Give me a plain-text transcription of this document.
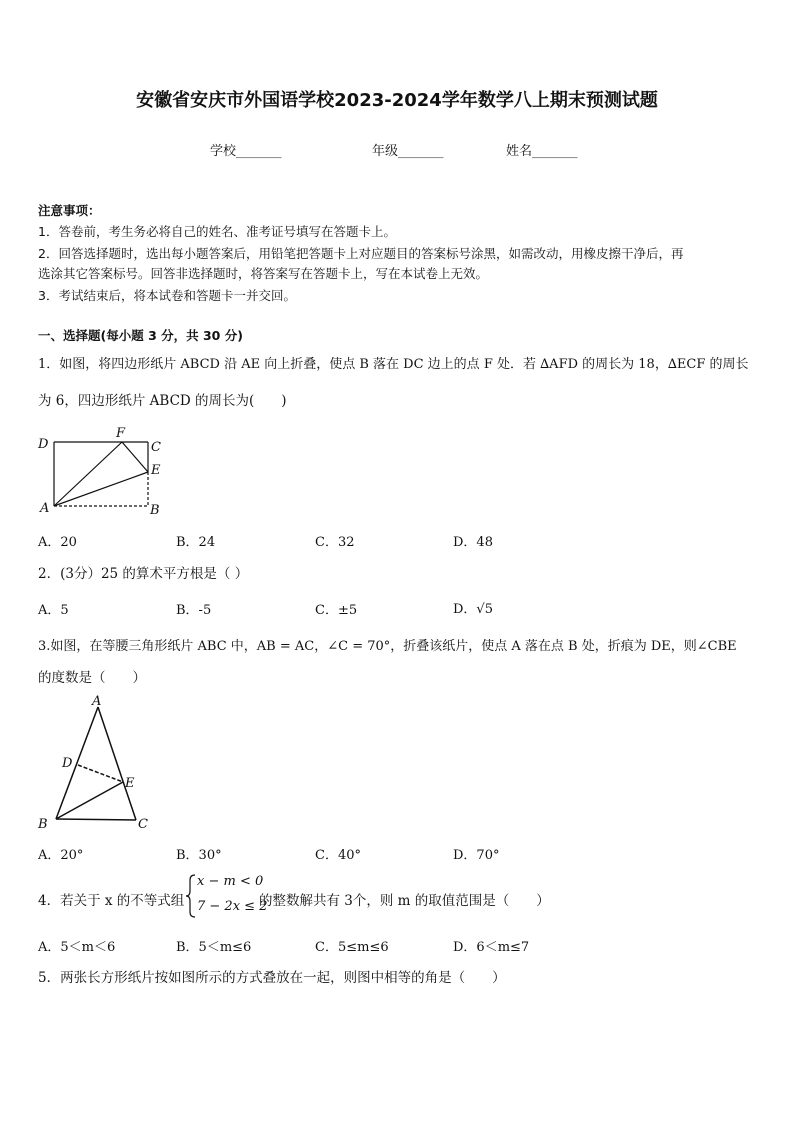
安徽省安庆市外国语学校2023-2024学年数学八上期末预测试题
学校_______	年级_______	姓名_______
注意事项：
1．答卷前，考生务必将自己的姓名、准考证号填写在答题卡上。
2．回答选择题时，选出每小题答案后，用铅笔把答题卡上对应题目的答案标号涂黑，如需改动，用橡皮擦干净后，再
选涂其它答案标号。回答非选择题时，将答案写在答题卡上，写在本试卷上无效。
3．考试结束后，将本试卷和答题卡一并交回。
一、选择题(每小题 3 分，共 30 分)
1．如图，将四边形纸片 ABCD 沿 AE 向上折叠，使点 B 落在 DC 边上的点 F 处．若 ∆AFD 的周长为 18，∆ECF 的周长
为 6，四边形纸片 ABCD 的周长为(　　)
D
F
C
E
A	B
A．20	B．24	C．32	D．48
2．(3分）25 的算术平方根是（ ）
A．5	B．-5	C．±5	D．√5
3.如图，在等腰三角形纸片 ABC 中，AB = AC，∠C = 70°，折叠该纸片，使点 A 落在点 B 处，折痕为 DE，则∠CBE
的度数是（　　）
A
D
E
B	C
A．20°	B．30°	C．40°	D．70°
4．若关于 x 的不等式组
x − m < 0
7 − 2x ≤ 2
的整数解共有 3个，则 m 的取值范围是（　　）
A．5＜m＜6	B．5＜m≤6	C．5≤m≤6	D．6＜m≤7
5．两张长方形纸片按如图所示的方式叠放在一起，则图中相等的角是（　　）
